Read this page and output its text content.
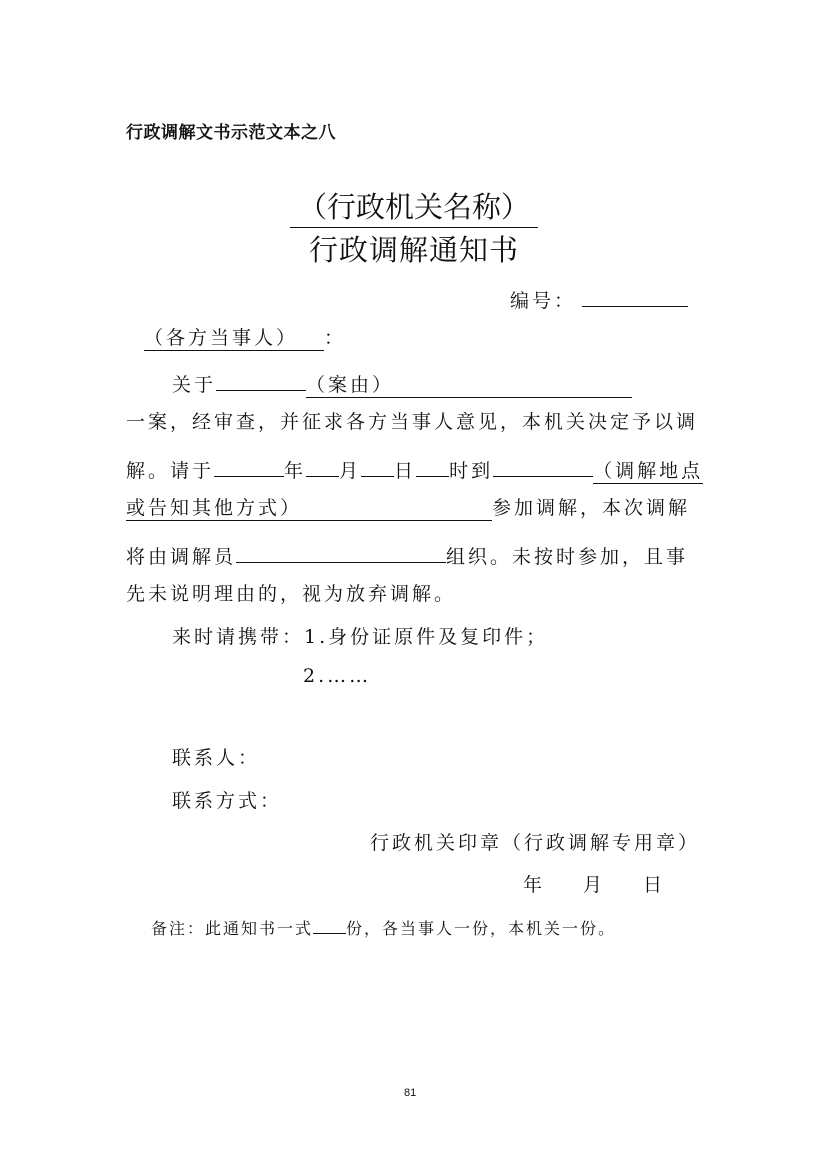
行政调解文书示范文本之八
（行政机关名称）
行政调解通知书
编号：
（各方当事人） ：
关于	（案由）
一案，经审查，并征求各方当事人意见，本机关决定予以调
解。请于	年 月 日 时到	（调解地点
或告知其他方式）	参加调解，本次调解
将由调解员	组织。未按时参加，且事
先未说明理由的，视为放弃调解。
来时请携带：1.身份证原件及复印件；
2.……
联系人：
联系方式：
行政机关印章（行政调解专用章）
年 月 日
备注：此通知书一式 份，各当事人一份，本机关一份。
81
